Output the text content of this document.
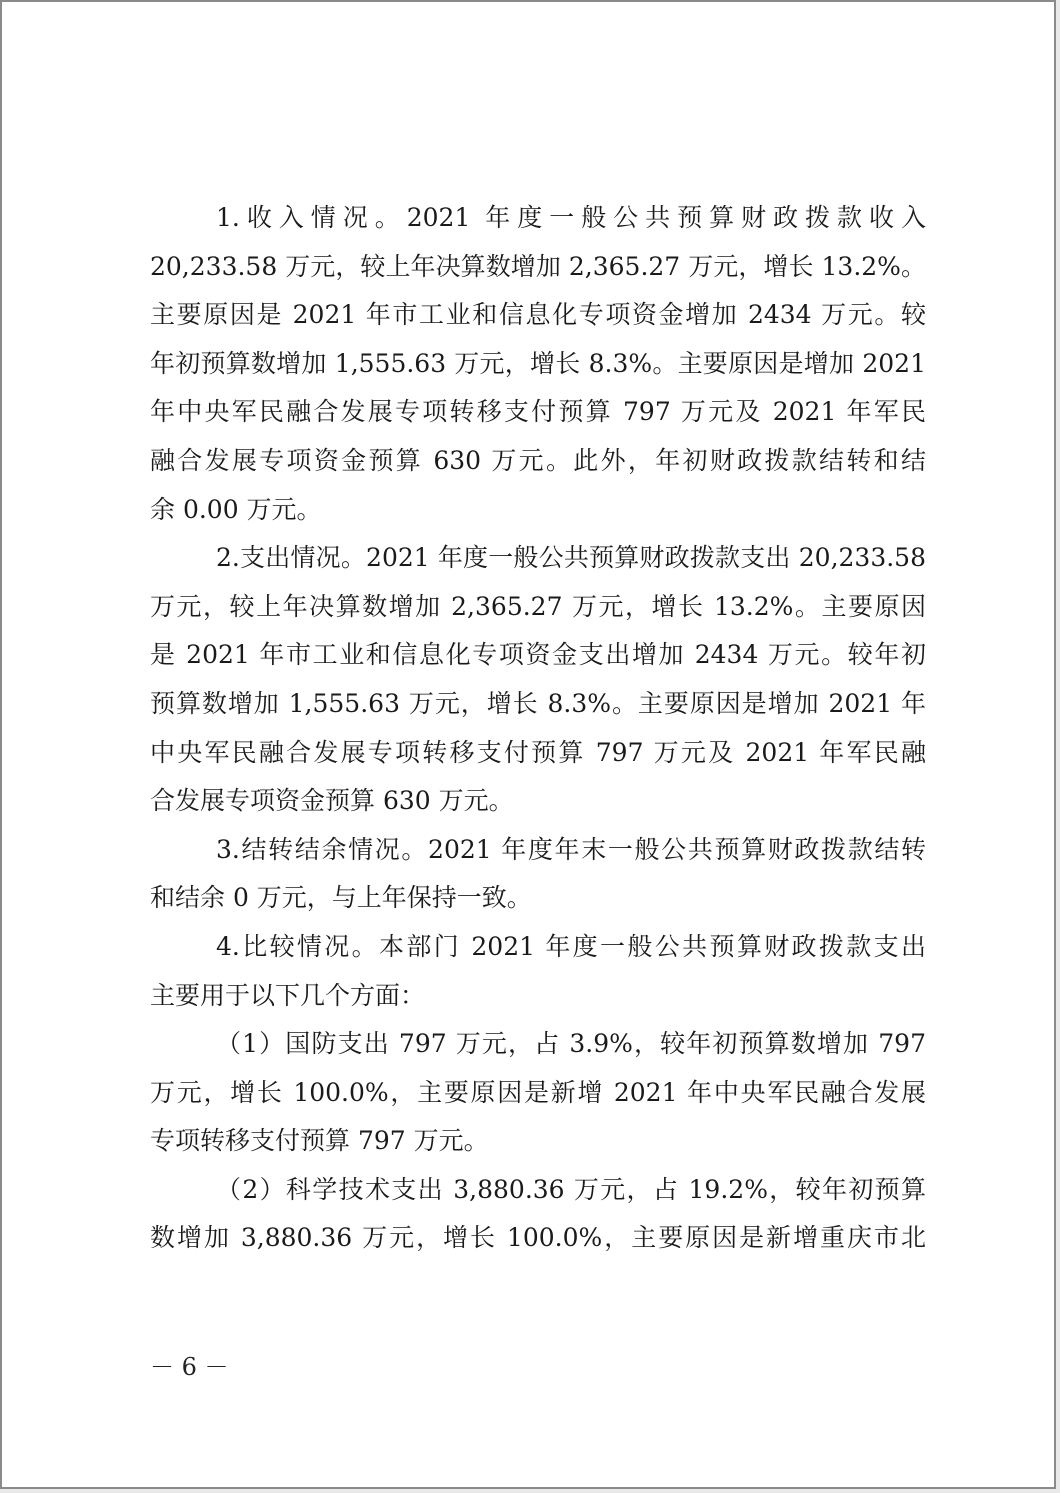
1.收入情况。2021 年度一般公共预算财政拨款收入
20,233.58 万元，较上年决算数增加 2,365.27 万元，增长 13.2%。
主要原因是 2021 年市工业和信息化专项资金增加 2434 万元。较
年初预算数增加 1,555.63 万元，增长 8.3%。主要原因是增加 2021
年中央军民融合发展专项转移支付预算 797 万元及 2021 年军民
融合发展专项资金预算 630 万元。此外，年初财政拨款结转和结
余 0.00 万元。

2.支出情况。2021 年度一般公共预算财政拨款支出 20,233.58
万元，较上年决算数增加 2,365.27 万元，增长 13.2%。主要原因
是 2021 年市工业和信息化专项资金支出增加 2434 万元。较年初
预算数增加 1,555.63 万元，增长 8.3%。主要原因是增加 2021 年
中央军民融合发展专项转移支付预算 797 万元及 2021 年军民融
合发展专项资金预算 630 万元。

3.结转结余情况。2021 年度年末一般公共预算财政拨款结转
和结余 0 万元，与上年保持一致。

4.比较情况。本部门 2021 年度一般公共预算财政拨款支出
主要用于以下几个方面：

（1）国防支出 797 万元，占 3.9%，较年初预算数增加 797
万元，增长 100.0%，主要原因是新增 2021 年中央军民融合发展
专项转移支付预算 797 万元。

（2）科学技术支出 3,880.36 万元，占 19.2%，较年初预算
数增加 3,880.36 万元，增长 100.0%，主要原因是新增重庆市北

－ 6 －
